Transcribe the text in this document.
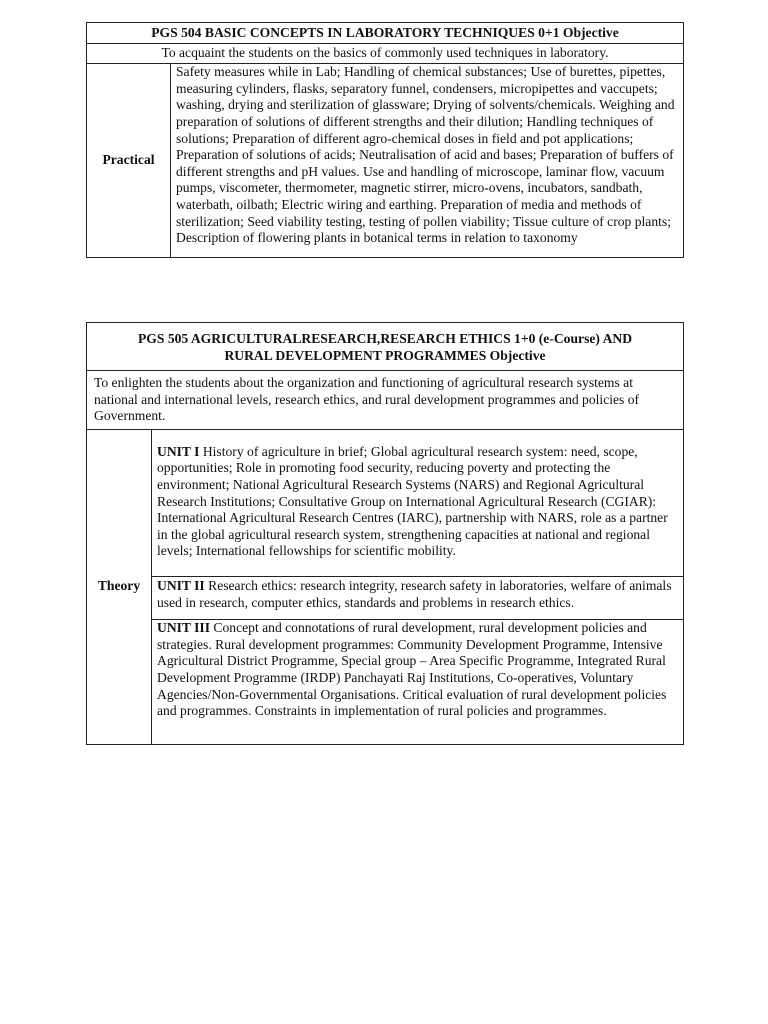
PGS 504 BASIC CONCEPTS IN LABORATORY TECHNIQUES 0+1 Objective
To acquaint the students on the basics of commonly used techniques in laboratory.
Practical	Safety measures while in Lab; Handling of chemical substances; Use of burettes, pipettes, measuring cylinders, flasks, separatory funnel, condensers, micropipettes and vaccupets; washing, drying and sterilization of glassware; Drying of solvents/chemicals. Weighing and preparation of solutions of different strengths and their dilution; Handling techniques of solutions; Preparation of different agro-chemical doses in field and pot applications; Preparation of solutions of acids; Neutralisation of acid and bases; Preparation of buffers of different strengths and pH values. Use and handling of microscope, laminar flow, vacuum pumps, viscometer, thermometer, magnetic stirrer, micro-ovens, incubators, sandbath, waterbath, oilbath; Electric wiring and earthing. Preparation of media and methods of sterilization; Seed viability testing, testing of pollen viability; Tissue culture of crop plants; Description of flowering plants in botanical terms in relation to taxonomy
PGS 505 AGRICULTURALRESEARCH,RESEARCH ETHICS 1+0 (e-Course) AND
RURAL DEVELOPMENT PROGRAMMES Objective

To enlighten the students about the organization and functioning of agricultural research systems at national and international levels, research ethics, and rural development programmes and policies of Government.
Theory	UNIT I History of agriculture in brief; Global agricultural research system: need, scope, opportunities; Role in promoting food security, reducing poverty and protecting the environment; National Agricultural Research Systems (NARS) and Regional Agricultural Research Institutions; Consultative Group on International Agricultural Research (CGIAR): International Agricultural Research Centres (IARC), partnership with NARS, role as a partner in the global agricultural research system, strengthening capacities at national and regional levels; International fellowships for scientific mobility.
UNIT II Research ethics: research integrity, research safety in laboratories, welfare of animals used in research, computer ethics, standards and problems in research ethics.
UNIT III Concept and connotations of rural development, rural development policies and strategies. Rural development programmes: Community Development Programme, Intensive Agricultural District Programme, Special group – Area Specific Programme, Integrated Rural Development Programme (IRDP) Panchayati Raj Institutions, Co-operatives, Voluntary Agencies/Non-Governmental Organisations. Critical evaluation of rural development policies and programmes. Constraints in implementation of rural policies and programmes.
